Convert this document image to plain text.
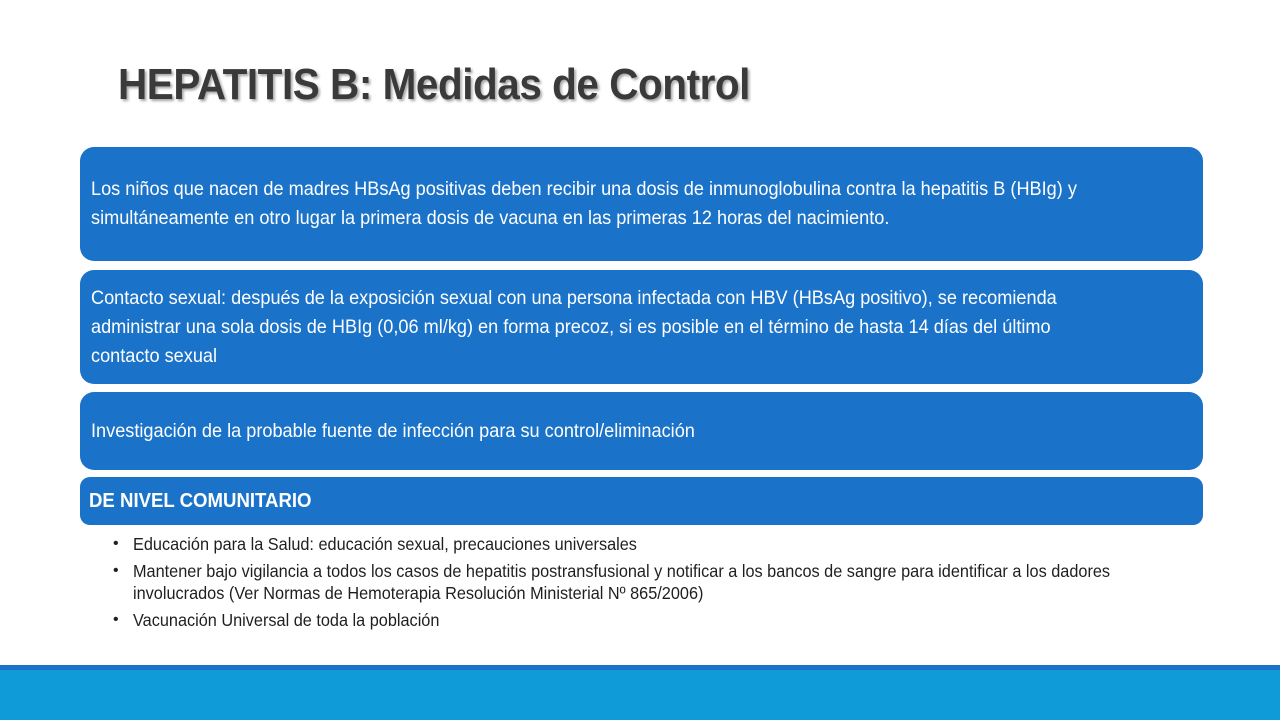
HEPATITIS B: Medidas de Control

Los niños que nacen de madres HBsAg positivas deben recibir una dosis de inmunoglobulina contra la hepatitis B (HBIg) y simultáneamente en otro lugar la primera dosis de vacuna en las primeras 12 horas del nacimiento.

Contacto sexual: después de la exposición sexual con una persona infectada con HBV (HBsAg positivo), se recomienda administrar una sola dosis de HBIg (0,06 ml/kg) en forma precoz, si es posible en el término de hasta 14 días del último contacto sexual

Investigación de la probable fuente de infección para su control/eliminación

DE NIVEL COMUNITARIO
• Educación para la Salud: educación sexual, precauciones universales
• Mantener bajo vigilancia a todos los casos de hepatitis postransfusional y notificar a los bancos de sangre para identificar a los dadores involucrados (Ver Normas de Hemoterapia Resolución Ministerial Nº 865/2006)
• Vacunación Universal de toda la población
